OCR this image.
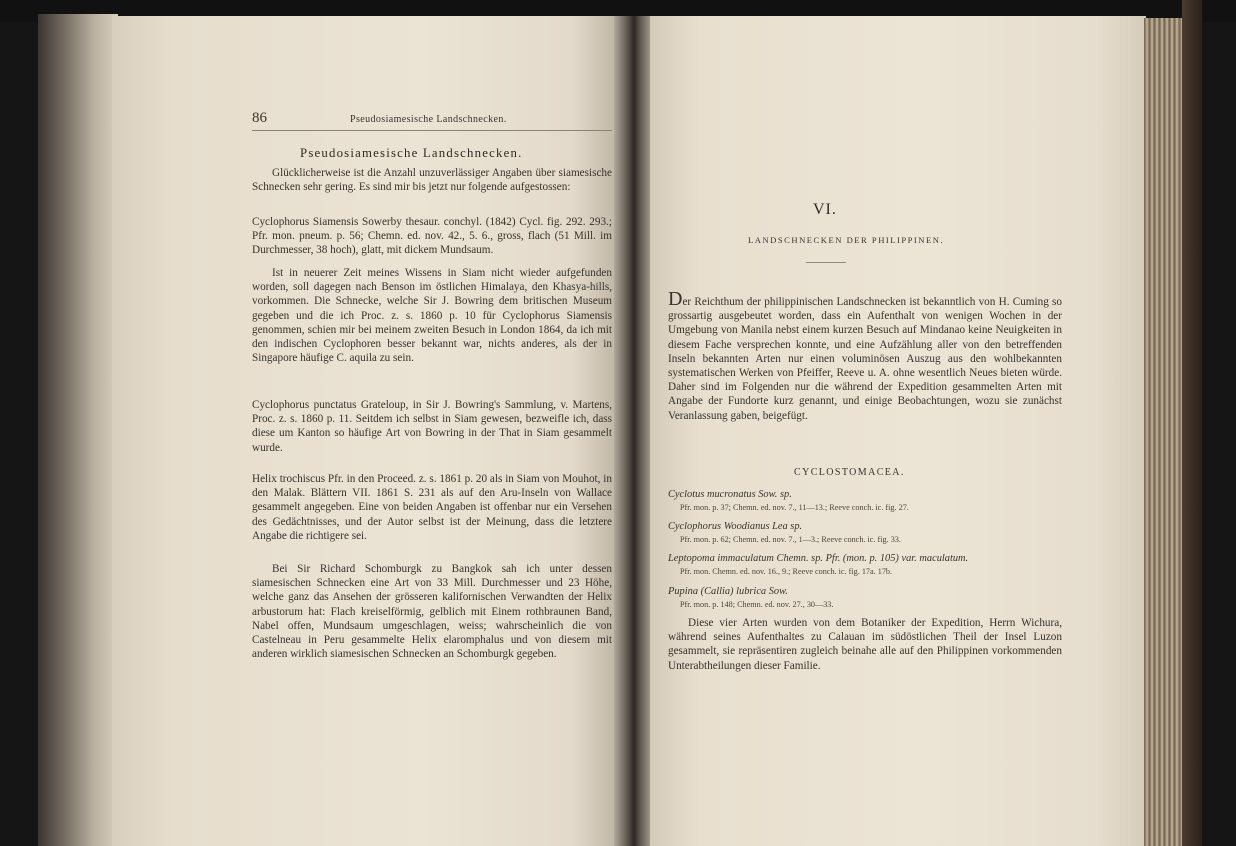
86	Pseudosiamesische Landschnecken.
Pseudosiamesische Landschnecken.

Glücklicherweise ist die Anzahl unzuverlässiger Angaben über siamesische Schnecken sehr gering. Es sind mir bis jetzt nur folgende aufgestossen:

Cyclophorus Siamensis Sowerby thesaur. conchyl. (1842) Cycl. fig. 292. 293.; Pfr. mon. pneum. p. 56; Chemn. ed. nov. 42., 5. 6., gross, flach (51 Mill. im Durchmesser, 38 hoch), glatt, mit dickem Mundsaum.

Ist in neuerer Zeit meines Wissens in Siam nicht wieder aufgefunden worden, soll dagegen nach Benson im östlichen Himalaya, den Khasya-hills, vorkommen. Die Schnecke, welche Sir J. Bowring dem britischen Museum gegeben und die ich Proc. z. s. 1860 p. 10 für Cyclophorus Siamensis genommen, schien mir bei meinem zweiten Besuch in London 1864, da ich mit den indischen Cyclophoren besser bekannt war, nichts anderes, als der in Singapore häufige C. aquila zu sein.

Cyclophorus punctatus Grateloup, in Sir J. Bowring's Sammlung, v. Martens, Proc. z. s. 1860 p. 11. Seitdem ich selbst in Siam gewesen, bezweifle ich, dass diese um Kanton so häufige Art von Bowring in der That in Siam gesammelt wurde.

Helix trochiscus Pfr. in den Proceed. z. s. 1861 p. 20 als in Siam von Mouhot, in den Malak. Blättern VII. 1861 S. 231 als auf den Aru-Inseln von Wallace gesammelt angegeben. Eine von beiden Angaben ist offenbar nur ein Versehen des Gedächtnisses, und der Autor selbst ist der Meinung, dass die letztere Angabe die richtigere sei.

Bei Sir Richard Schomburgk zu Bangkok sah ich unter dessen siamesischen Schnecken eine Art von 33 Mill. Durchmesser und 23 Höhe, welche ganz das Ansehen der grösseren kalifornischen Verwandten der Helix arbustorum hat: Flach kreiselförmig, gelblich mit Einem rothbraunen Band, Nabel offen, Mundsaum umgeschlagen, weiss; wahrscheinlich die von Castelneau in Peru gesammelte Helix elaromphalus und von diesem mit anderen wirklich siamesischen Schnecken an Schomburgk gegeben.

VI.
LANDSCHNECKEN DER PHILIPPINEN.

Der Reichthum der philippinischen Landschnecken ist bekanntlich von H. Cuming so grossartig ausgebeutet worden, dass ein Aufenthalt von wenigen Wochen in der Umgebung von Manila nebst einem kurzen Besuch auf Mindanao keine Neuigkeiten in diesem Fache versprechen konnte, und eine Aufzählung aller von den betreffenden Inseln bekannten Arten nur einen voluminösen Auszug aus den wohlbekannten systematischen Werken von Pfeiffer, Reeve u. A. ohne wesentlich Neues bieten würde. Daher sind im Folgenden nur die während der Expedition gesammelten Arten mit Angabe der Fundorte kurz genannt, und einige Beobachtungen, wozu sie zunächst Veranlassung gaben, beigefügt.

CYCLOSTOMACEA.

Cyclotus mucronatus Sow. sp.

Pfr. mon. p. 37; Chemn. ed. nov. 7., 11—13.; Reeve conch. ic. fig. 27.

Cyclophorus Woodianus Lea sp.

Pfr. mon. p. 62; Chemn. ed. nov. 7., 1—3.; Reeve conch. ic. fig. 33.

Leptopoma immaculatum Chemn. sp. Pfr. (mon. p. 105) var. maculatum.

Pfr. mon. Chemn. ed. nov. 16., 9.; Reeve conch. ic. fig. 17a. 17b.

Pupina (Callia) lubrica Sow.

Pfr. mon. p. 148; Chemn. ed. nov. 27., 30—33.

Diese vier Arten wurden von dem Botaniker der Expedition, Herrn Wichura, während seines Aufenthaltes zu Calauan im südöstlichen Theil der Insel Luzon gesammelt, sie repräsentiren zugleich beinahe alle auf den Philippinen vorkommenden Unterabtheilungen dieser Familie.
